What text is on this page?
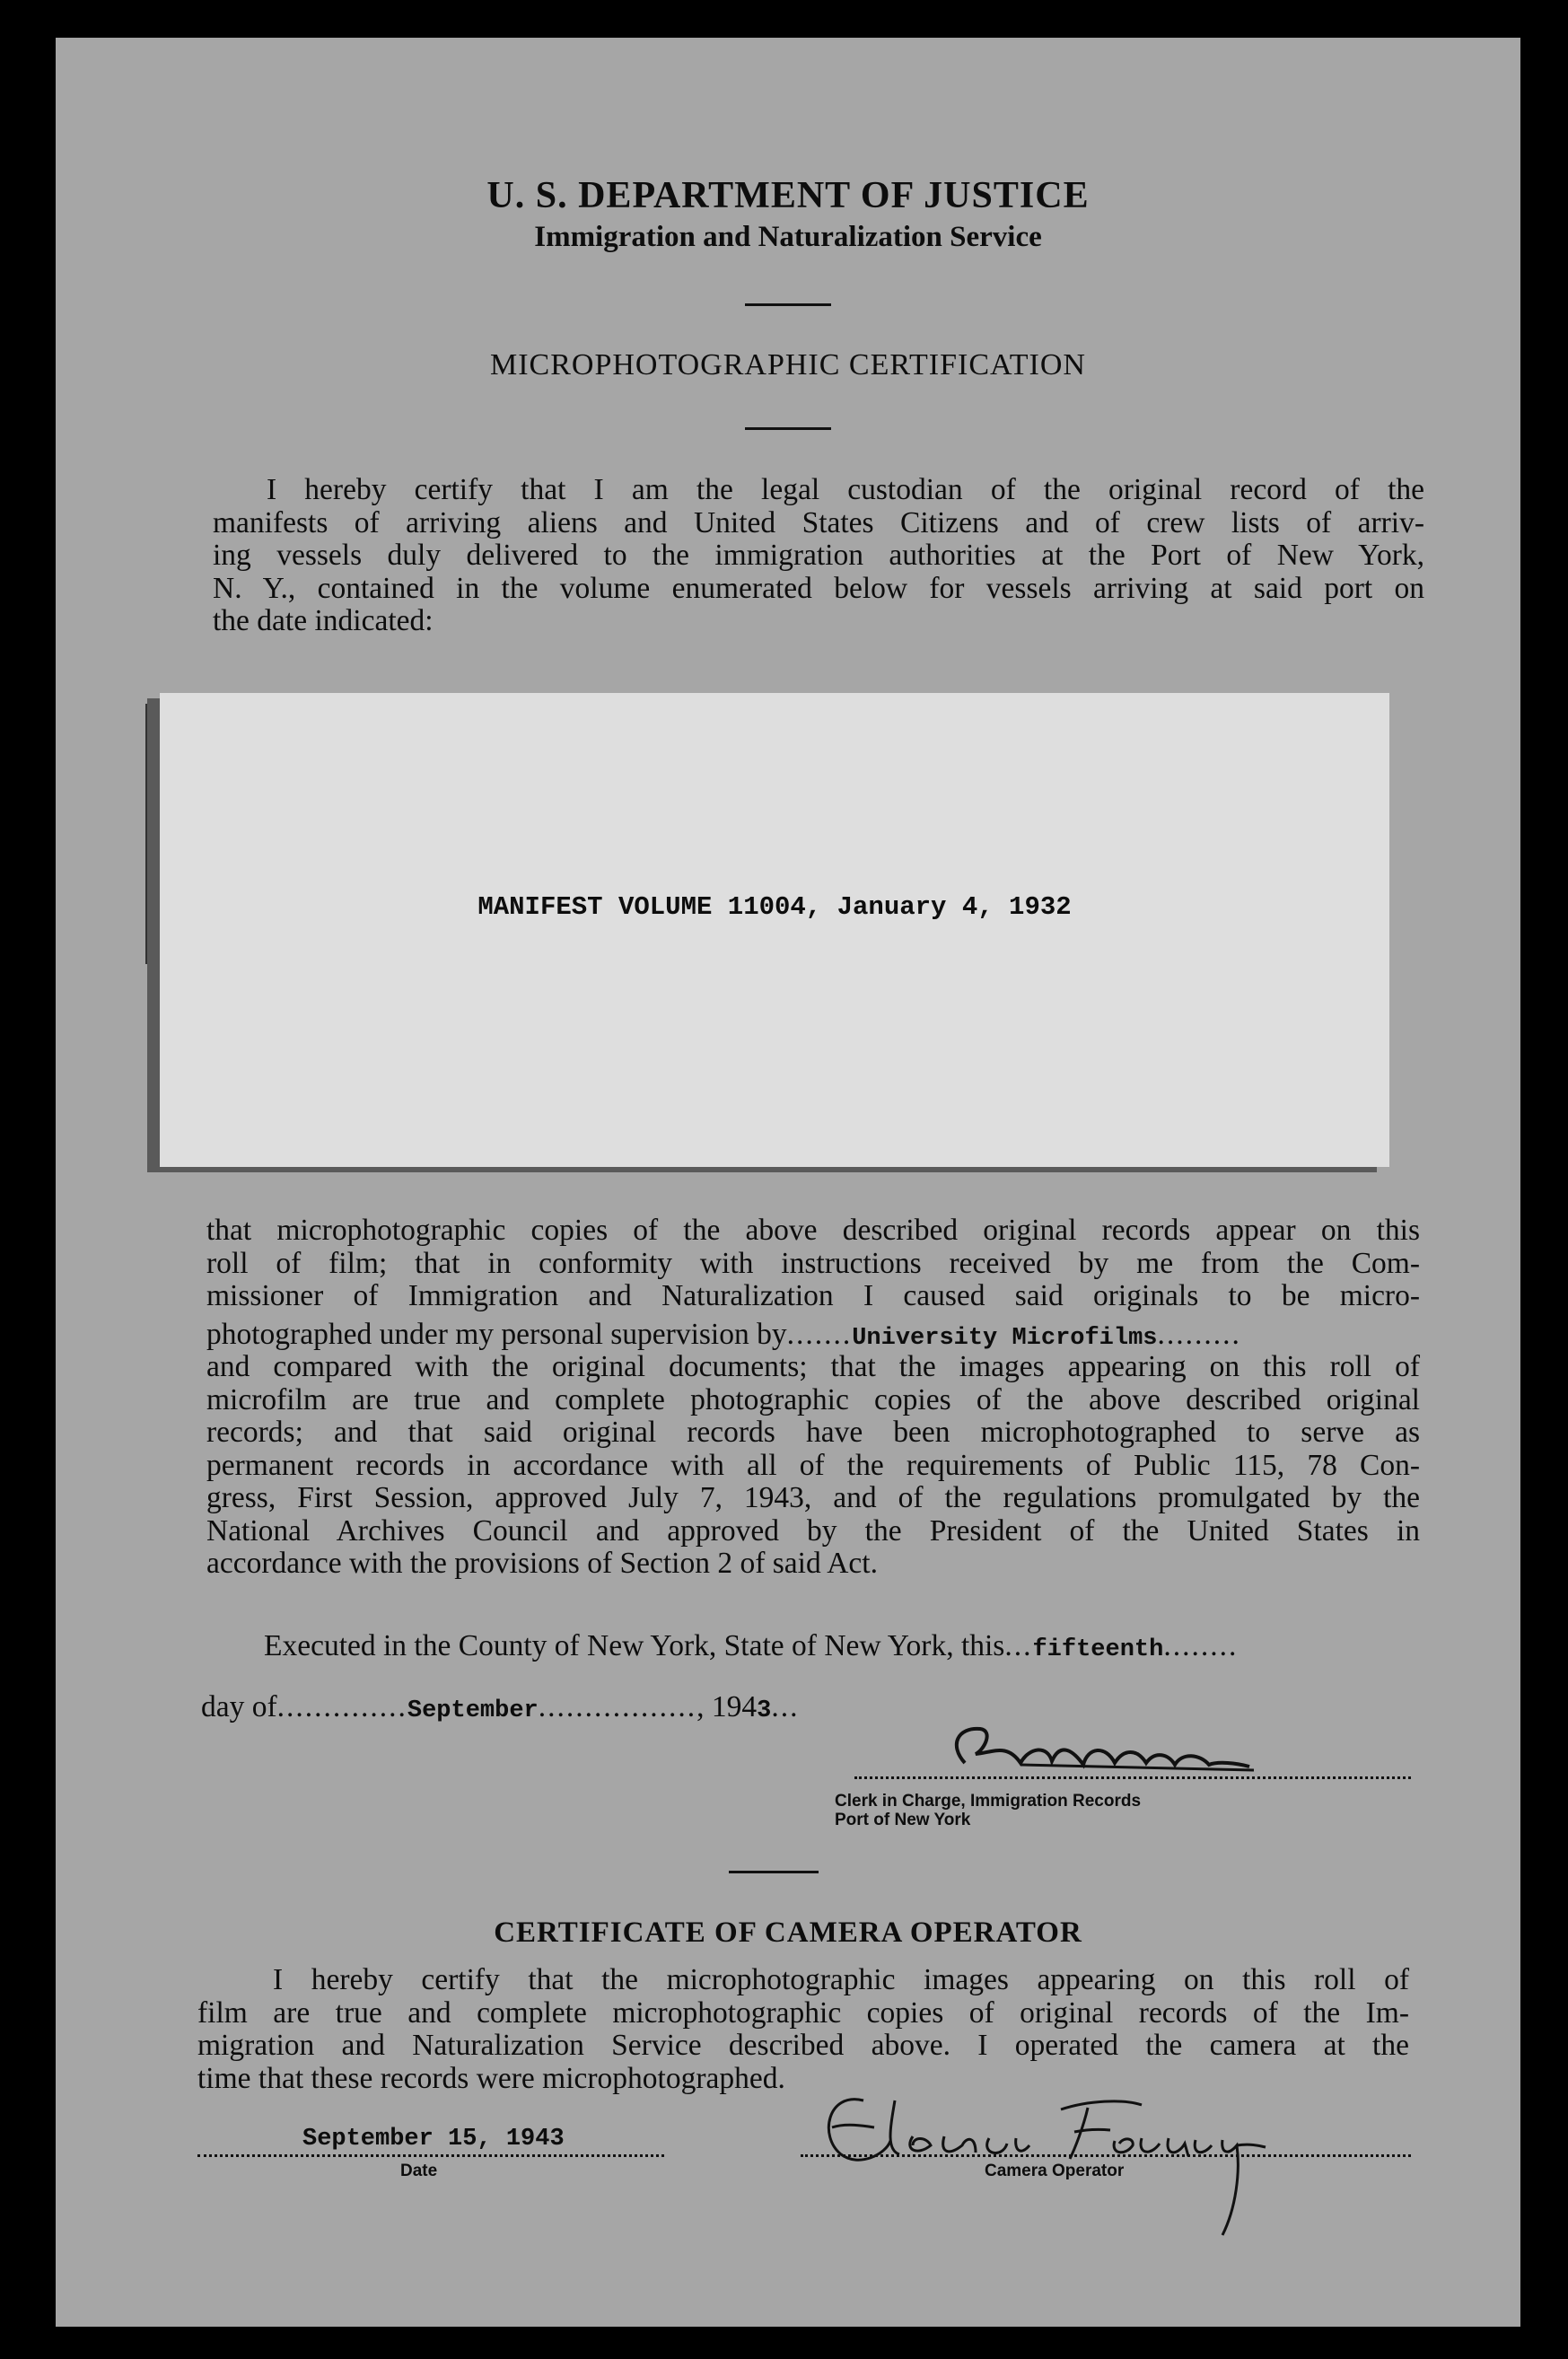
U. S. DEPARTMENT OF JUSTICE
Immigration and Naturalization Service
MICROPHOTOGRAPHIC CERTIFICATION
I hereby certify that I am the legal custodian of the original record of the
manifests of arriving aliens and United States Citizens and of crew lists of arriv-
ing vessels duly delivered to the immigration authorities at the Port of New York,
N. Y., contained in the volume enumerated below for vessels arriving at said port on
the date indicated:
MANIFEST VOLUME 11004, January 4, 1932
that microphotographic copies of the above described original records appear on this
roll of film; that in conformity with instructions received by me from the Com-
missioner of Immigration and Naturalization I caused said originals to be micro-
photographed under my personal supervision by.......University Microfilms.........
and compared with the original documents; that the images appearing on this roll of
microfilm are true and complete photographic copies of the above described original
records; and that said original records have been microphotographed to serve as
permanent records in accordance with all of the requirements of Public 115, 78 Con-
gress, First Session, approved July 7, 1943, and of the regulations promulgated by the
National Archives Council and approved by the President of the United States in
accordance with the provisions of Section 2 of said Act.
Executed in the County of New York, State of New York, this...fifteenth........
day of..............September................., 1943...
Clerk in Charge, Immigration Records
Port of New York
CERTIFICATE OF CAMERA OPERATOR
I hereby certify that the microphotographic images appearing on this roll of
film are true and complete microphotographic copies of original records of the Im-
migration and Naturalization Service described above. I operated the camera at the
time that these records were microphotographed.
September 15, 1943
Date	Camera Operator
